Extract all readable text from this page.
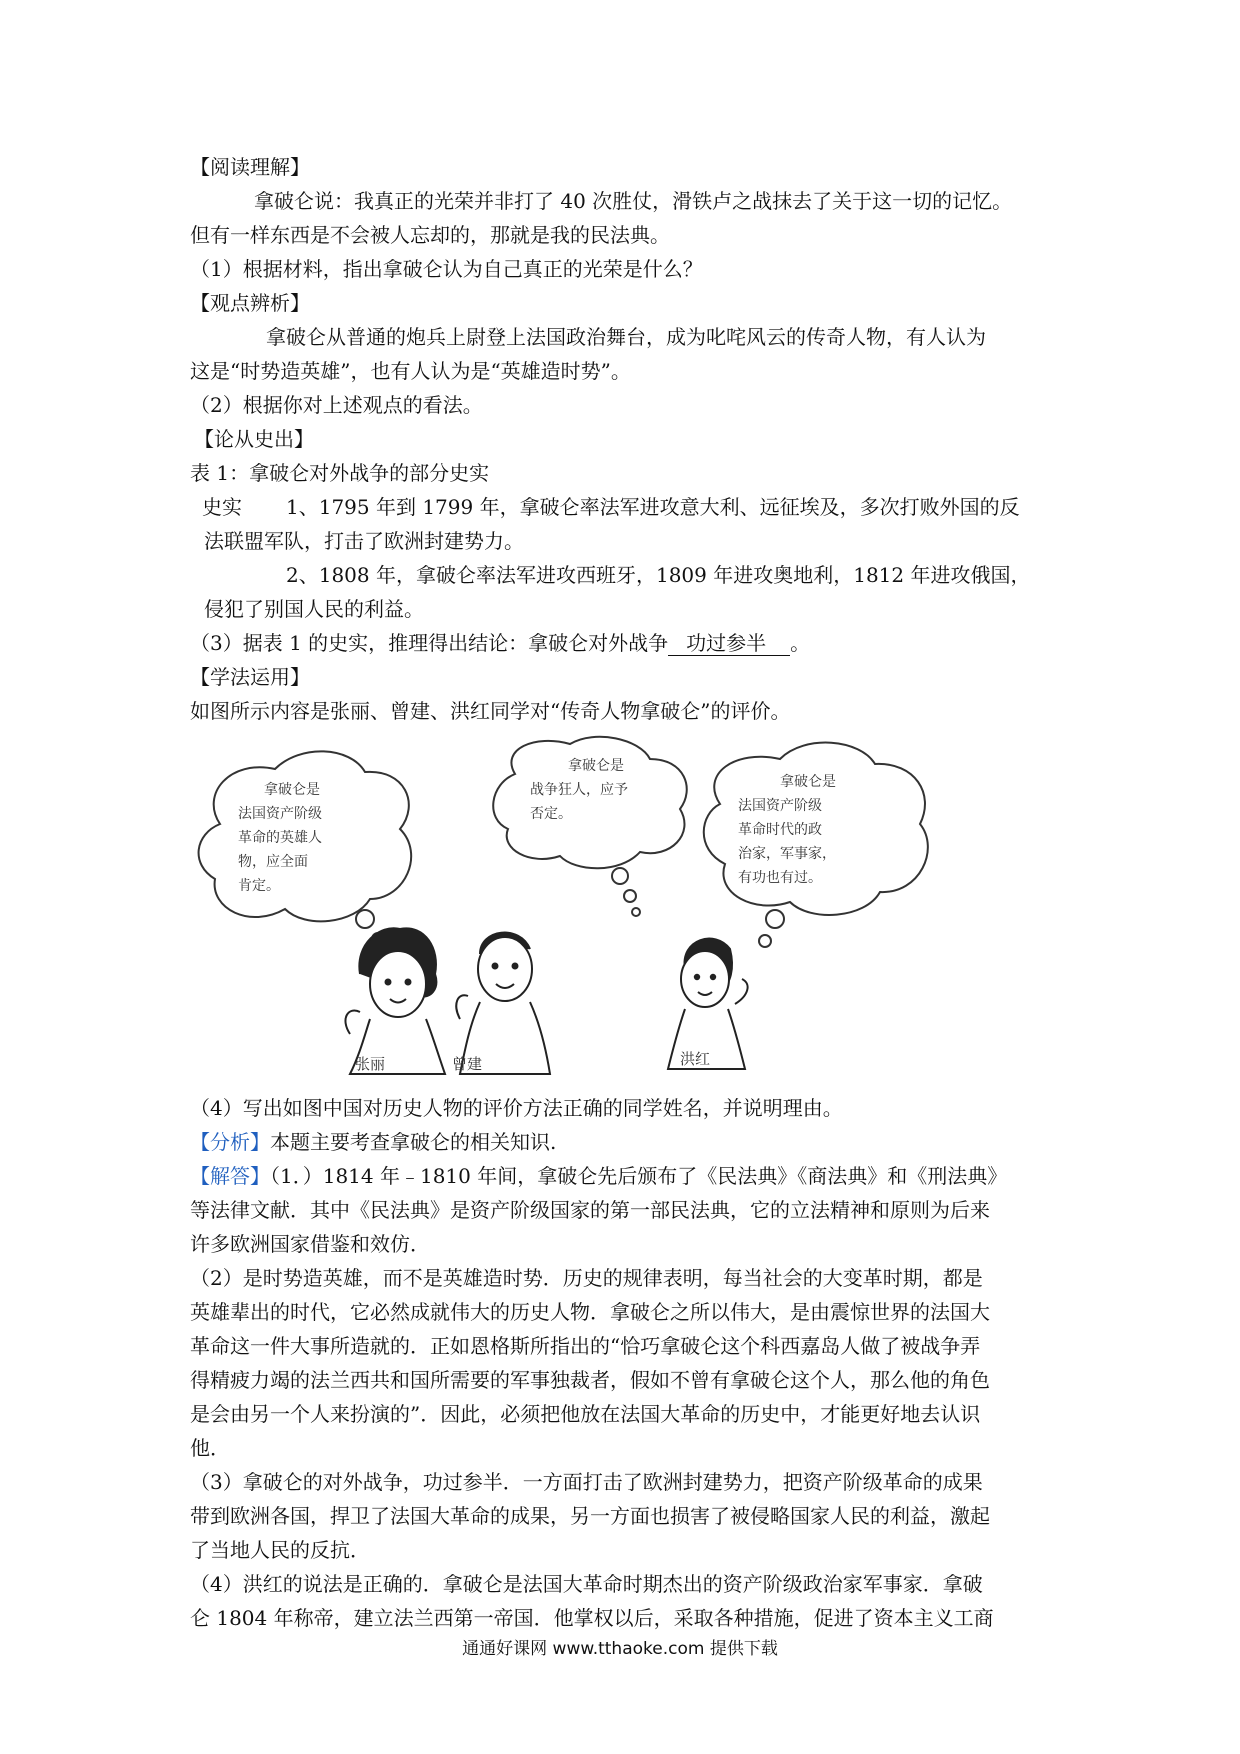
【阅读理解】
拿破仑说：我真正的光荣并非打了 40 次胜仗，滑铁卢之战抹去了关于这一切的记忆。
但有一样东西是不会被人忘却的，那就是我的民法典。
（1）根据材料，指出拿破仑认为自己真正的光荣是什么？
【观点辨析】
拿破仑从普通的炮兵上尉登上法国政治舞台，成为叱咤风云的传奇人物，有人认为
这是“时势造英雄”，也有人认为是“英雄造时势”。
（2）根据你对上述观点的看法。
【论从史出】
表 1：拿破仑对外战争的部分史实
史实	1、1795 年到 1799 年，拿破仑率法军进攻意大利、远征埃及，多次打败外国的反
法联盟军队，打击了欧洲封建势力。
2、1808 年，拿破仑率法军进攻西班牙，1809 年进攻奥地利，1812 年进攻俄国，
侵犯了别国人民的利益。
（3）据表 1 的史实，推理得出结论：拿破仑对外战争 功过参半 。
【学法运用】
如图所示内容是张丽、曾建、洪红同学对“传奇人物拿破仑”的评价。
拿破仑是
法国资产阶级
革命的英雄人
物，应全面
肯定。
拿破仑是
战争狂人，应予
否定。
拿破仑是
法国资产阶级
革命时代的政
治家，军事家，
有功也有过。
张丽	曾建	洪红
（4）写出如图中国对历史人物的评价方法正确的同学姓名，并说明理由。
【分析】本题主要考查拿破仑的相关知识.
【解答】（1．）1814 年﹣1810 年间，拿破仑先后颁布了《民法典》《商法典》和《刑法典》
等法律文献．其中《民法典》是资产阶级国家的第一部民法典，它的立法精神和原则为后来
许多欧洲国家借鉴和效仿．
（2）是时势造英雄，而不是英雄造时势．历史的规律表明，每当社会的大变革时期，都是
英雄辈出的时代，它必然成就伟大的历史人物．拿破仑之所以伟大，是由震惊世界的法国大
革命这一件大事所造就的．正如恩格斯所指出的“恰巧拿破仑这个科西嘉岛人做了被战争弄
得精疲力竭的法兰西共和国所需要的军事独裁者，假如不曾有拿破仑这个人，那么他的角色
是会由另一个人来扮演的”．因此，必须把他放在法国大革命的历史中，才能更好地去认识
他．
（3）拿破仑的对外战争，功过参半．一方面打击了欧洲封建势力，把资产阶级革命的成果
带到欧洲各国，捍卫了法国大革命的成果，另一方面也损害了被侵略国家人民的利益，激起
了当地人民的反抗．
（4）洪红的说法是正确的．拿破仑是法国大革命时期杰出的资产阶级政治家军事家．拿破
仑 1804 年称帝，建立法兰西第一帝国．他掌权以后，采取各种措施，促进了资本主义工商
通通好课网 www.tthaoke.com 提供下载
